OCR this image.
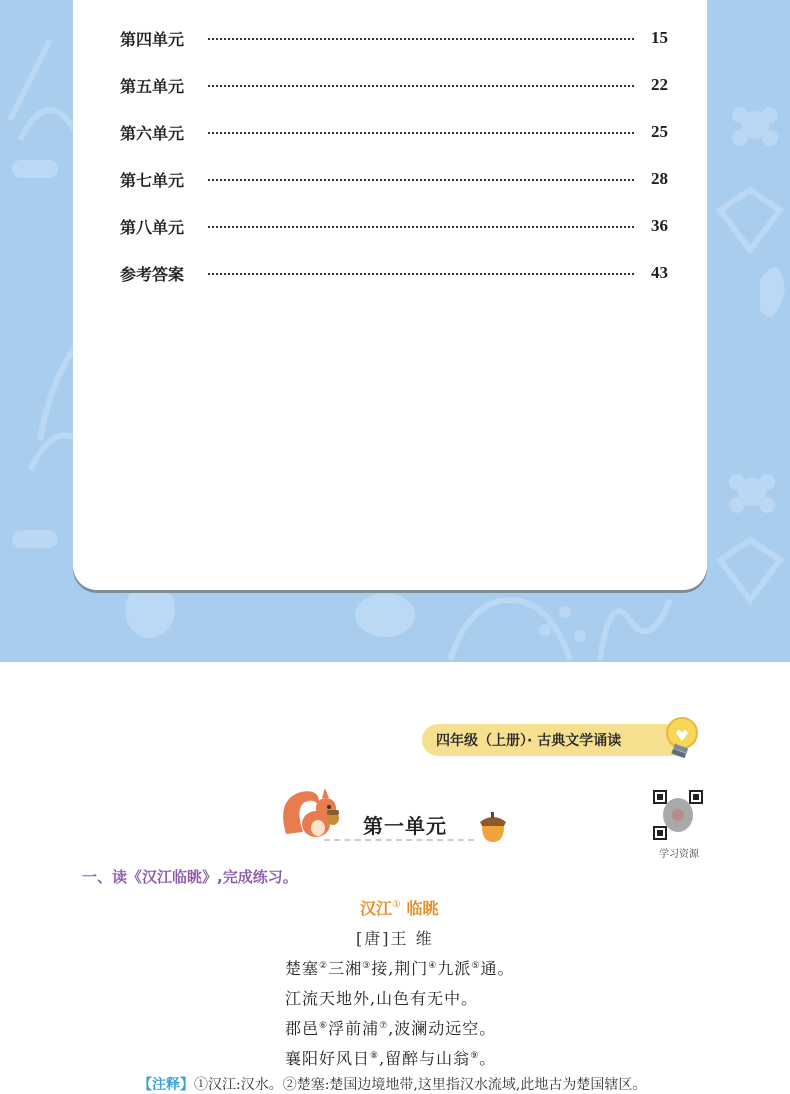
第四单元	15
第五单元	22
第六单元	25
第七单元	28
第八单元	36
参考答案	43
四年级（上册）· 古典文学诵读
第一单元
学习资源
一、读《汉江临眺》,完成练习。
汉江① 临眺
[唐]王 维
楚塞②三湘③接,荆门④九派⑤通。
江流天地外,山色有无中。
郡邑⑥浮前浦⑦,波澜动远空。
襄阳好风日⑧,留醉与山翁⑨。
【注释】①汉江:汉水。②楚塞:楚国边境地带,这里指汉水流域,此地古为楚国辖区。
